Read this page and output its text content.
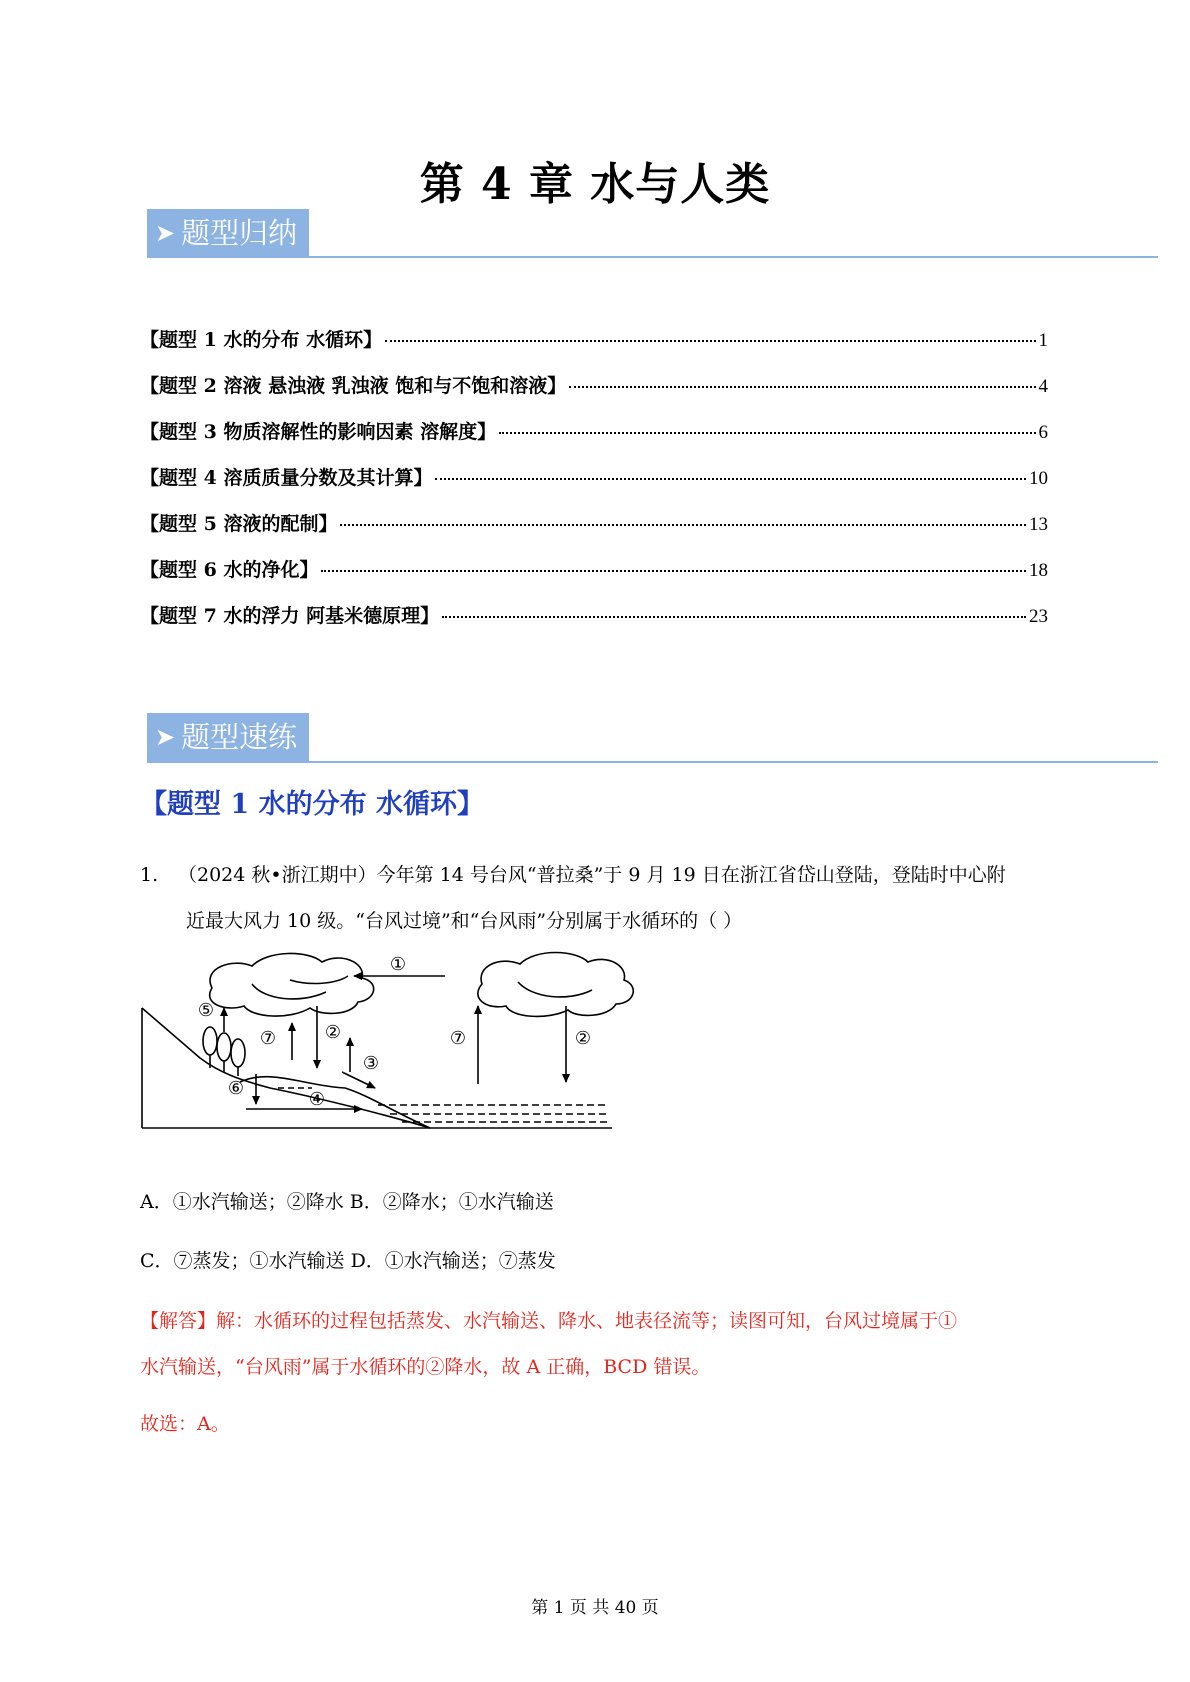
第 4 章 水与人类
➤ 题型归纳
【题型 1 水的分布 水循环】	1
【题型 2 溶液 悬浊液 乳浊液 饱和与不饱和溶液】	4
【题型 3 物质溶解性的影响因素 溶解度】	6
【题型 4 溶质质量分数及其计算】	10
【题型 5 溶液的配制】	13
【题型 6 水的净化】	18
【题型 7 水的浮力 阿基米德原理】	23
➤ 题型速练
【题型 1 水的分布 水循环】
1. （2024 秋•浙江期中）今年第 14 号台风“普拉桑”于 9 月 19 日在浙江省岱山登陆，登陆时中心附
近最大风力 10 级。“台风过境”和“台风雨”分别属于水循环的（ ）
①
⑤
⑦	②
③
⑥
④
⑦	②
A．①水汽输送；②降水 B．②降水；①水汽输送
C．⑦蒸发；①水汽输送 D．①水汽输送；⑦蒸发
【解答】解：水循环的过程包括蒸发、水汽输送、降水、地表径流等；读图可知，台风过境属于①
水汽输送，“台风雨”属于水循环的②降水，故 A 正确，BCD 错误。
故选：A。
第 1 页 共 40 页
